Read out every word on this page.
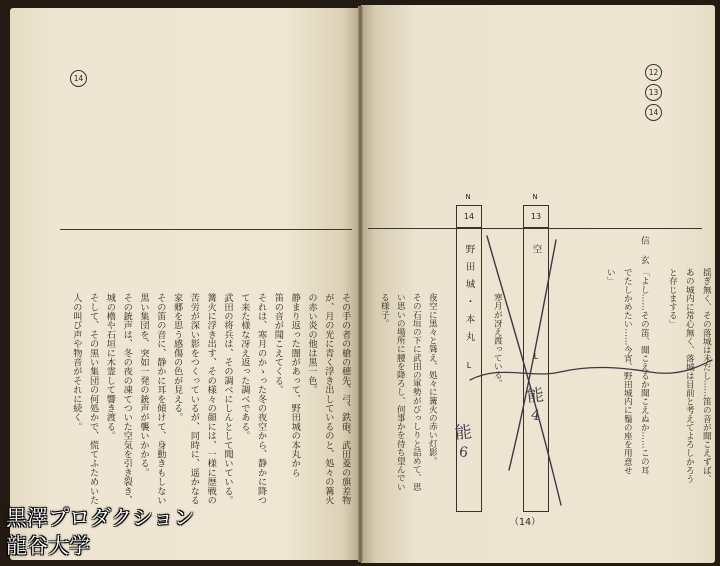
14
12
13
14
N
13
空
L
N
14
野田城・本丸
L
信　玄
能
6
能
4
（14）
その手の者の槍の穂先、弓、鉄砲、武田菱の旗差物
が、月の光に青く浮き出しているのと、処々の篝火
の赤い炎の他は黒一色。
静まり返った闇があって、野田城の本丸から
笛の音が聞こえてくる。
それは、寒月のかゝった冬の夜空から、静かに降つ
て来た様な冴え返った調べである。
武田の将兵は、その調べにしんとして聞いている。
篝火に浮き出す、その様々の顔には、一様に歴戦の
苦労が深い影をつくっているが、同時に、遥かなる
家郷を思う感傷の色が見える。
その笛の音に、静かに耳を傾けて、身動きもしない
黒い集団を、突如一発の銃声が襲いかかる。
その銃声は、冬の夜の凍てついた空気を引き裂き、
城の櫓や石垣に木霊して響き渡る。
そして、その黒い集団の何処かで、慌てふためいた
人の叫び声や物音がそれに続く。	揺ぎ無く、その落城は未だし……笛の音が聞こえずば、
あの城内に常心無く、落城は目前と考えてよろしかろう
と存じまする」
「よし……その笛、聞こえるか聞こえぬか……この耳
でたしかめたい……今宵、野田城内に鬚の座を用意せ
い」
寒月が冴え渡っている。
夜空に黒々と聳え、処々に篝火の赤い灯影。
その石垣の下に武田の軍勢がびっしりと詰めて、思
い思いの場所に腰を降ろし、何事かを待ち望んでい
る様子。
黒澤プロダクション
龍谷大学
